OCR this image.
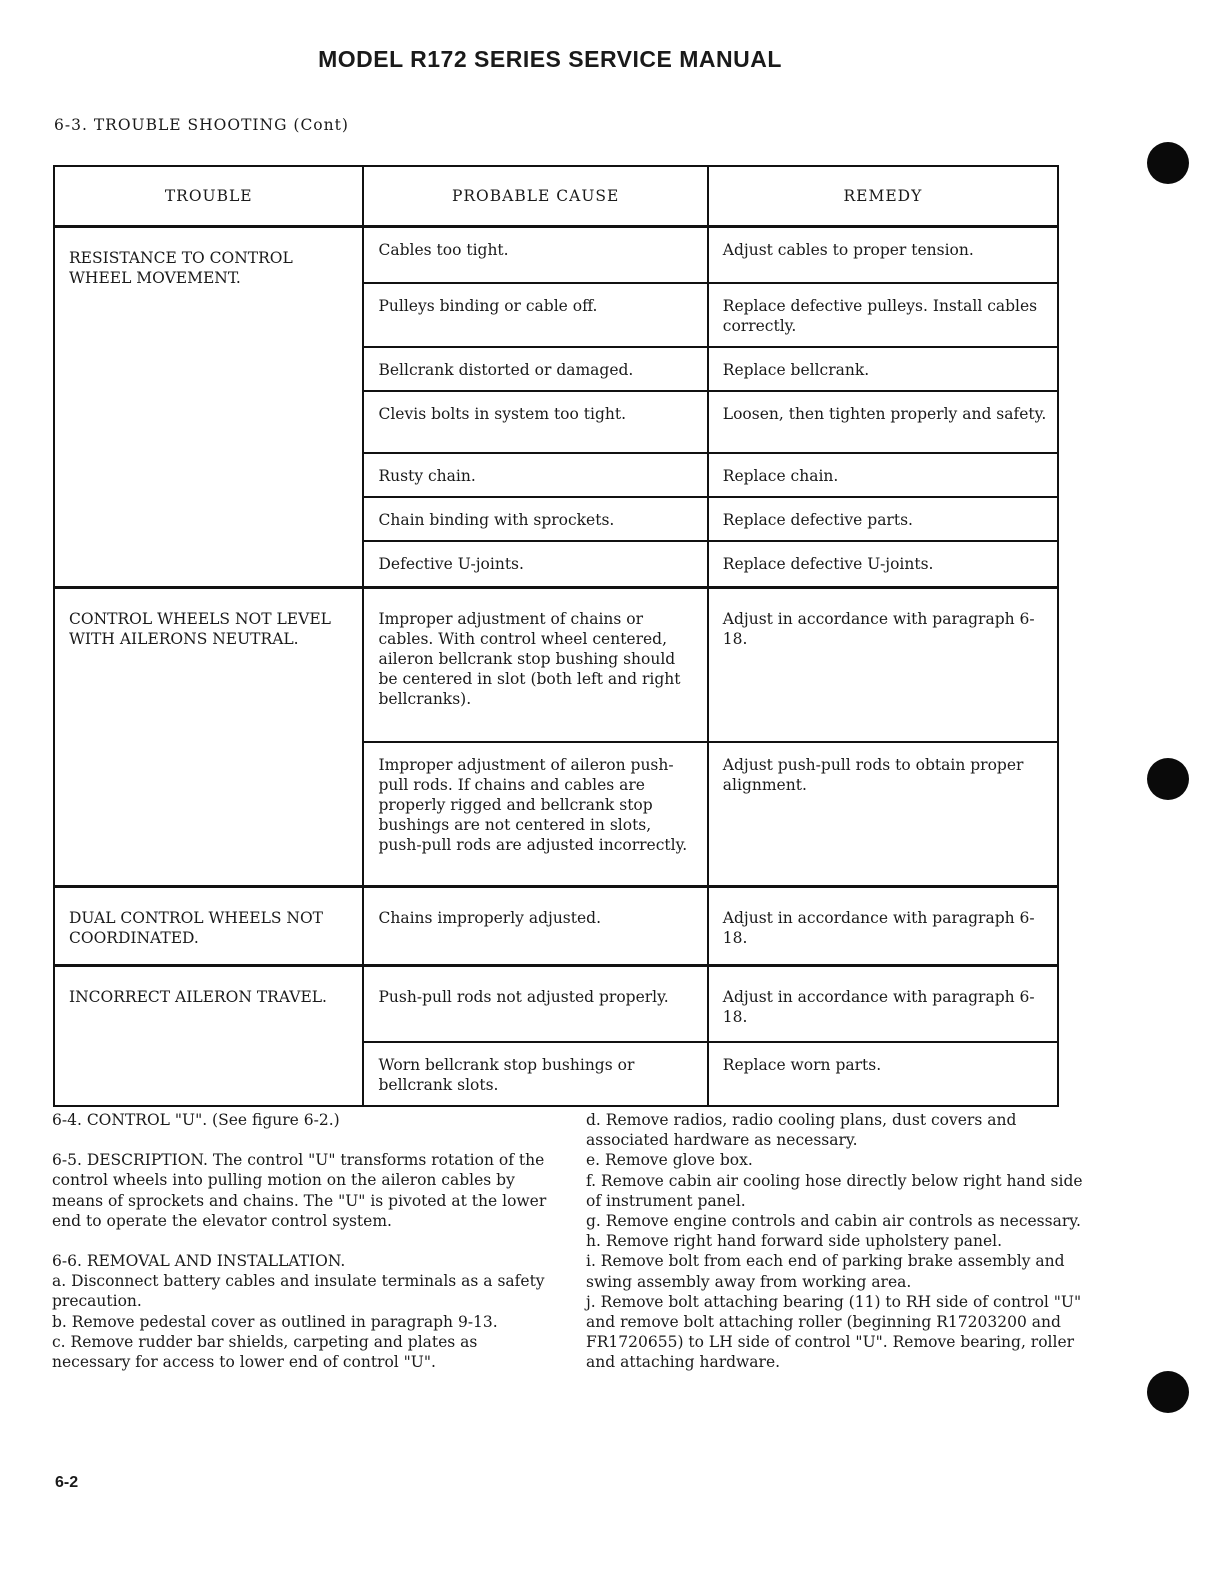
MODEL R172 SERIES SERVICE MANUAL
6-3. TROUBLE SHOOTING (Cont)
TROUBLE	PROBABLE CAUSE	REMEDY
RESISTANCE TO CONTROL WHEEL MOVEMENT.	Cables too tight.	Adjust cables to proper tension.
	Pulleys binding or cable off.	Replace defective pulleys. Install cables correctly.
	Bellcrank distorted or damaged.	Replace bellcrank.
	Clevis bolts in system too tight.	Loosen, then tighten properly and safety.
	Rusty chain.	Replace chain.
	Chain binding with sprockets.	Replace defective parts.
	Defective U-joints.	Replace defective U-joints.
CONTROL WHEELS NOT LEVEL WITH AILERONS NEUTRAL.	Improper adjustment of chains or cables. With control wheel centered, aileron bellcrank stop bushing should be centered in slot (both left and right bellcranks).	Adjust in accordance with paragraph 6-18.
	Improper adjustment of aileron push-pull rods. If chains and cables are properly rigged and bellcrank stop bushings are not centered in slots, push-pull rods are adjusted incorrectly.	Adjust push-pull rods to obtain proper alignment.
DUAL CONTROL WHEELS NOT COORDINATED.	Chains improperly adjusted.	Adjust in accordance with paragraph 6-18.
INCORRECT AILERON TRAVEL.	Push-pull rods not adjusted properly.	Adjust in accordance with paragraph 6-18.
	Worn bellcrank stop bushings or bellcrank slots.	Replace worn parts.

6-4. CONTROL "U". (See figure 6-2.)

6-5. DESCRIPTION. The control "U" transforms rotation of the control wheels into pulling motion on the aileron cables by means of sprockets and chains. The "U" is pivoted at the lower end to operate the elevator control system.

6-6. REMOVAL AND INSTALLATION.

a. Disconnect battery cables and insulate terminals as a safety precaution.

b. Remove pedestal cover as outlined in paragraph 9-13.

c. Remove rudder bar shields, carpeting and plates as necessary for access to lower end of control "U".

d. Remove radios, radio cooling plans, dust covers and associated hardware as necessary.

e. Remove glove box.

f. Remove cabin air cooling hose directly below right hand side of instrument panel.

g. Remove engine controls and cabin air controls as necessary.

h. Remove right hand forward side upholstery panel.

i. Remove bolt from each end of parking brake assembly and swing assembly away from working area.

j. Remove bolt attaching bearing (11) to RH side of control "U" and remove bolt attaching roller (beginning R17203200 and FR1720655) to LH side of control "U". Remove bearing, roller and attaching hardware.

6-2
